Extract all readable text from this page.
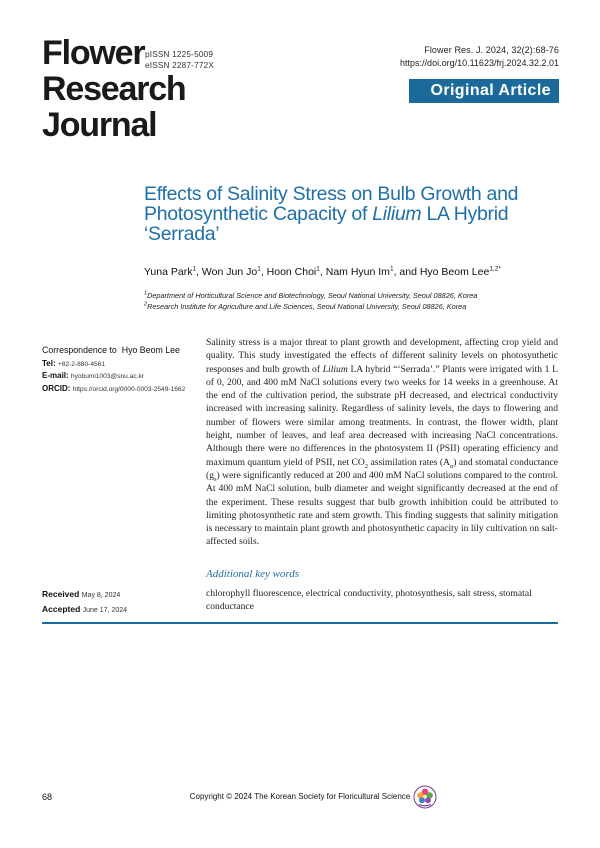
Flower
Research
Journal
pISSN 1225-5009
eISSN 2287-772X
Flower Res. J. 2024, 32(2):68-76
https://doi.org/10.11623/frj.2024.32.2.01
Original Article
Effects of Salinity Stress on Bulb Growth and Photosynthetic Capacity of Lilium LA Hybrid ‘Serrada’
Yuna Park$^1$, Won Jun Jo$^1$, Hoon Choi$^1$, Nam Hyun Im$^1$, and Hyo Beom Lee$^{1,2*}$
$^1$Department of Horticultural Science and Biotechnology, Seoul National University, Seoul 08826, Korea
$^2$Research Institute for Agriculture and Life Sciences, Seoul National University, Seoul 08826, Korea
Correspondence to Hyo Beom Lee
Tel: +82-2-880-4561
E-mail: hyobumi1003@snu.ac.kr
ORCID: https://orcid.org/0000-0003-2549-1662
Salinity stress is a major threat to plant growth and development, affecting crop yield and quality. This study investigated the effects of different salinity levels on photosynthetic responses and bulb growth of Lilium LA hybrid “‘Serrada’.” Plants were irrigated with 1 L of 0, 200, and 400 mM NaCl solutions every two weeks for 14 weeks in a greenhouse. At the end of the cultivation period, the substrate pH decreased, and electrical conductivity increased with increasing salinity. Regardless of salinity levels, the days to flowering and number of flowers were similar among treatments. In contrast, the flower width, plant height, number of leaves, and leaf area decreased with increasing NaCl concentrations. Although there were no differences in the photosystem II (PSII) operating efficiency and maximum quantum yield of PSII, net $CO_2$ assimilation rates $(A_n)$ and stomatal conductance $(g_s)$ were significantly reduced at 200 and 400 mM NaCl solutions compared to the control. At 400 mM NaCl solution, bulb diameter and weight significantly decreased at the end of the experiment. These results suggest that bulb growth inhibition could be attributed to limiting photosynthetic rate and stem growth. This finding suggests that salinity mitigation is necessary to maintain plant growth and photosynthetic capacity in lily cultivation on salt-affected soils.
Additional key words
chlorophyll fluorescence, electrical conductivity, photosynthesis, salt stress, stomatal conductance
Received May 8, 2024
Accepted June 17, 2024
68	Copyright © 2024 The Korean Society for Floricultural Science
